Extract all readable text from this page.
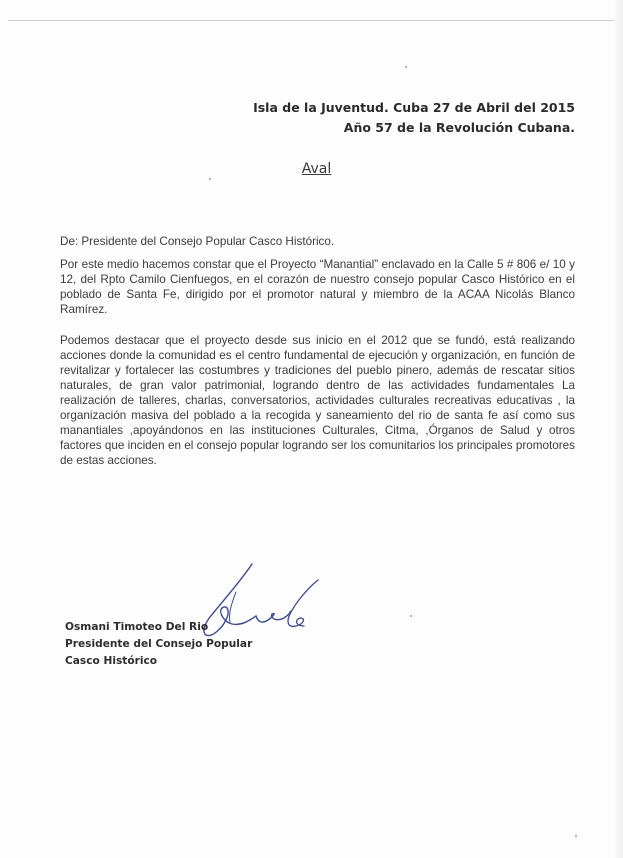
Isla de la Juventud. Cuba 27 de Abril del 2015
Año 57 de la Revolución Cubana.
Aval
De: Presidente del Consejo Popular Casco Histórico.
Por este medio hacemos constar que el Proyecto “Manantial” enclavado en la Calle 5 # 806 e/ 10 y 12, del Rpto Camilo Cienfuegos, en el corazón de nuestro consejo popular Casco Histórico en el poblado de Santa Fe, dirigido por el promotor natural y miembro de la ACAA Nicolás Blanco Ramírez.
Podemos destacar que el proyecto desde sus inicio en el 2012 que se fundó, está realizando acciones donde la comunidad es el centro fundamental de ejecución y organización, en función de revitalizar y fortalecer las costumbres y tradiciones del pueblo pinero, además de rescatar sitios naturales, de gran valor patrimonial, logrando dentro de las actividades fundamentales La realización de talleres, charlas, conversatorios, actividades culturales recreativas educativas , la organización masiva del poblado a la recogida y saneamiento del rio de santa fe así como sus manantiales ,apoyándonos en las instituciones Culturales, Citma, ,Órganos de Salud y otros factores que inciden en el consejo popular logrando ser los comunitarios los principales promotores de estas acciones.
Osmani Timoteo Del Rio
Presidente del Consejo Popular
Casco Histórico
